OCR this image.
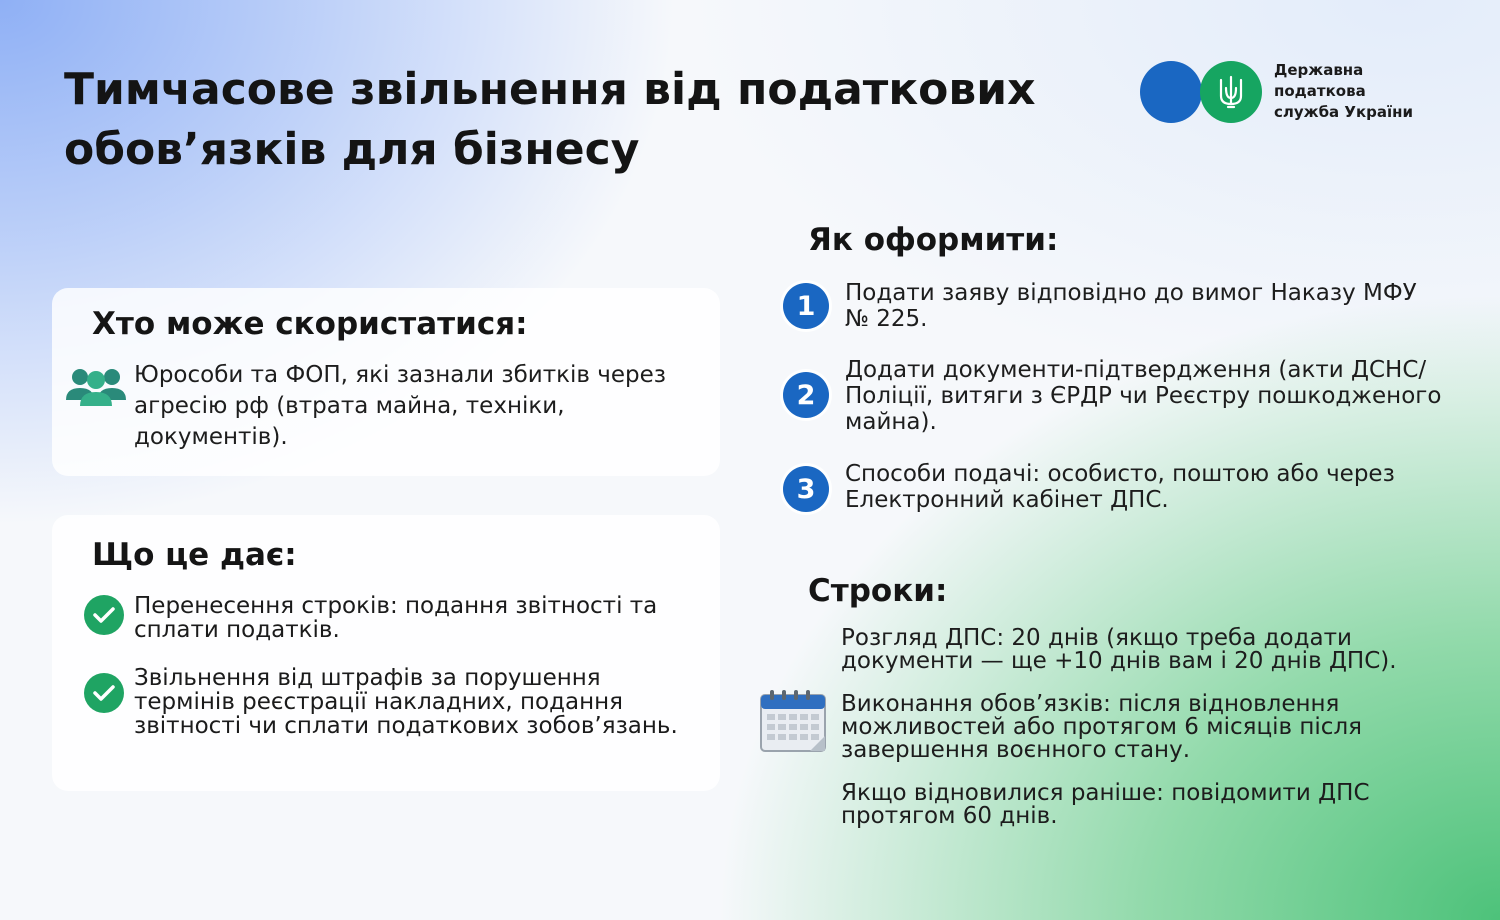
Тимчасове звільнення від податкових обов’язків для бізнесу
Державна
податкова
служба України
Хто може скористатися:
Юрособи та ФОП, які зазнали збитків через агресію рф (втрата майна, техніки, документів).
Що це дає:
Перенесення строків: подання звітності та сплати податків.
Звільнення від штрафів за порушення термінів реєстрації накладних, подання звітності чи сплати податкових зобов’язань.
Як оформити:
1	Подати заяву відповідно до вимог Наказу МФУ № 225.
2
Додати документи-підтвердження (акти ДСНС/Поліції, витяги з ЄРДР чи Реєстру пошкодженого майна).
3	Способи подачі: особисто, поштою або через Електронний кабінет ДПС.
Строки:
Розгляд ДПС: 20 днів (якщо треба додати документи — ще +10 днів вам і 20 днів ДПС).
Виконання обов’язків: після відновлення можливостей або протягом 6 місяців після завершення воєнного стану.
Якщо відновилися раніше: повідомити ДПС протягом 60 днів.
